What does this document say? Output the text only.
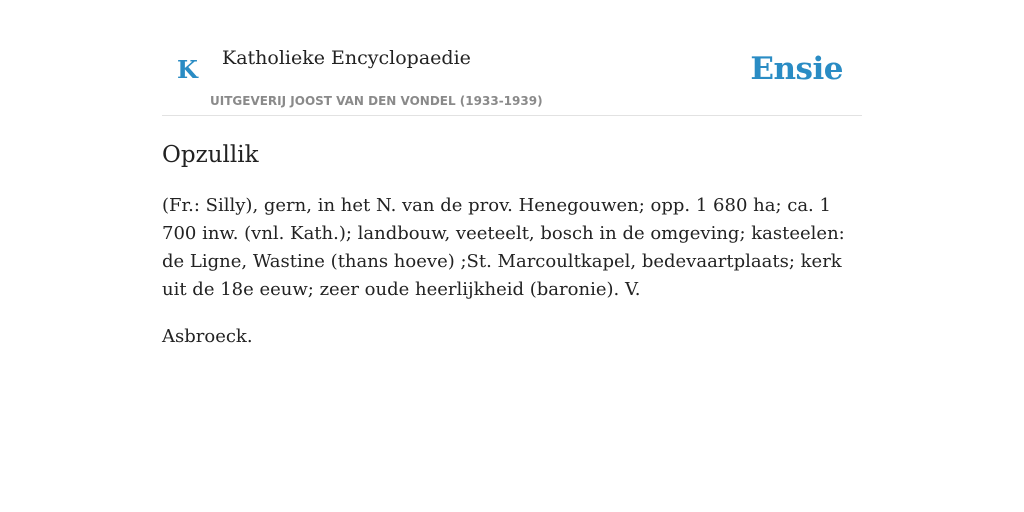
K Katholieke Encyclopaedie
UITGEVERIJ JOOST VAN DEN VONDEL (1933-1939)
Ensie
Opzullik

(Fr.: Silly), gern, in het N. van de prov. Henegouwen; opp. 1 680 ha; ca. 1 700 inw. (vnl. Kath.); landbouw, veeteelt, bosch in de omgeving; kasteelen: de Ligne, Wastine (thans hoeve) ;St. Marcoultkapel, bedevaartplaats; kerk uit de 18e eeuw; zeer oude heerlijkheid (baronie). V.

Asbroeck.
